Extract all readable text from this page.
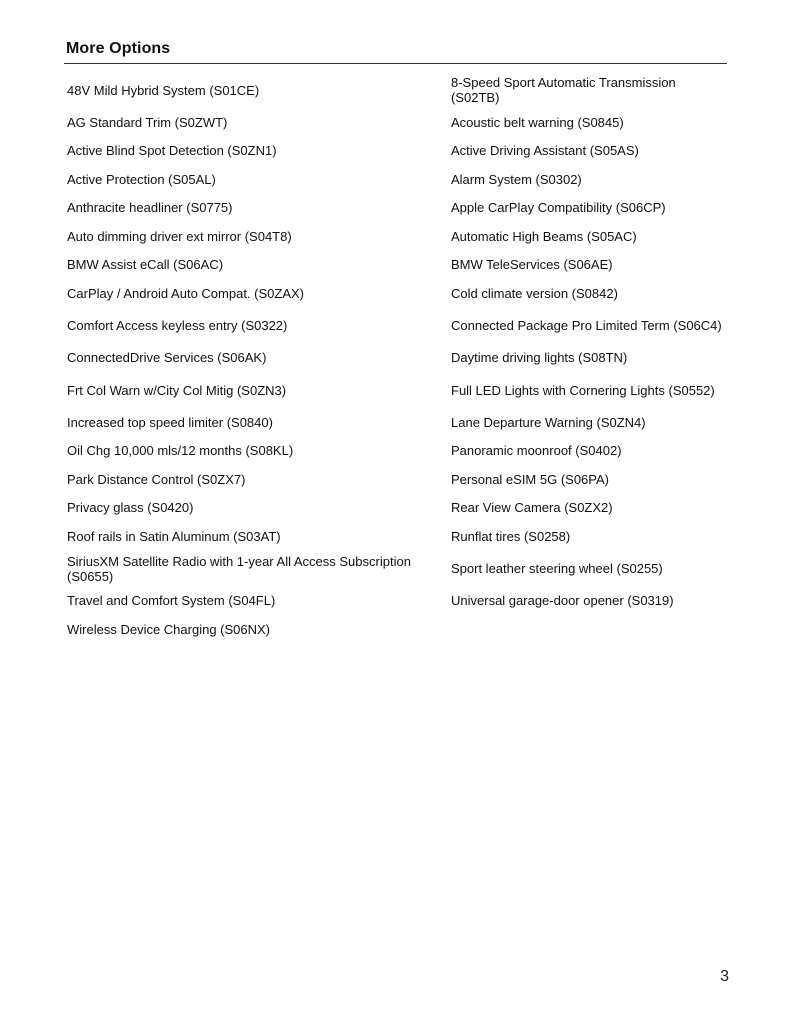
More Options
48V Mild Hybrid System (S01CE)	8-Speed Sport Automatic Transmission (S02TB)
AG Standard Trim (S0ZWT)	Acoustic belt warning (S0845)
Active Blind Spot Detection (S0ZN1)	Active Driving Assistant (S05AS)
Active Protection (S05AL)	Alarm System (S0302)
Anthracite headliner (S0775)	Apple CarPlay Compatibility (S06CP)
Auto dimming driver ext mirror (S04T8)	Automatic High Beams (S05AC)
BMW Assist eCall (S06AC)	BMW TeleServices (S06AE)
CarPlay / Android Auto Compat. (S0ZAX)	Cold climate version (S0842)
Comfort Access keyless entry (S0322)	Connected Package Pro Limited Term (S06C4)
ConnectedDrive Services (S06AK)	Daytime driving lights (S08TN)
Frt Col Warn w/City Col Mitig (S0ZN3)	Full LED Lights with Cornering Lights (S0552)
Increased top speed limiter (S0840)	Lane Departure Warning (S0ZN4)
Oil Chg 10,000 mls/12 months (S08KL)	Panoramic moonroof (S0402)
Park Distance Control (S0ZX7)	Personal eSIM 5G (S06PA)
Privacy glass (S0420)	Rear View Camera (S0ZX2)
Roof rails in Satin Aluminum (S03AT)	Runflat tires (S0258)
SiriusXM Satellite Radio with 1-year All Access Subscription (S0655)	Sport leather steering wheel (S0255)
Travel and Comfort System (S04FL)	Universal garage-door opener (S0319)
Wireless Device Charging (S06NX)
3
